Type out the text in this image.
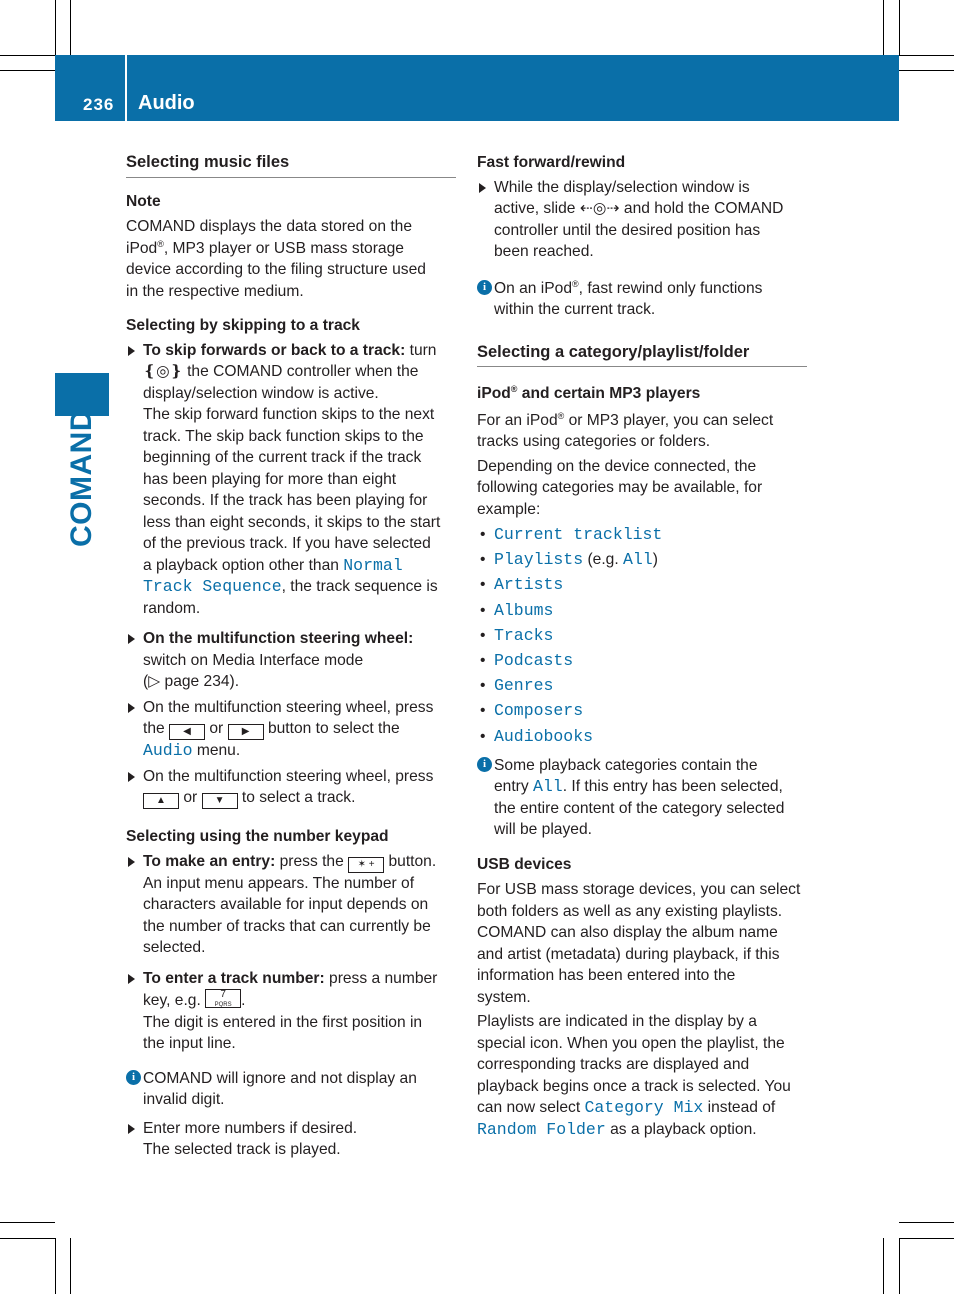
236 Audio
COMAND

Selecting music files

Note

COMAND displays the data stored on the

iPod®, MP3 player or USB mass storage

device according to the filing structure used

in the respective medium.

Selecting by skipping to a track

To skip forwards or back to a track: turn

❴◎❵ the COMAND controller when the

display/selection window is active.

The skip forward function skips to the next

track. The skip back function skips to the

beginning of the current track if the track

has been playing for more than eight

seconds. If the track has been playing for

less than eight seconds, it skips to the start

of the previous track. If you have selected

a playback option other than Normal

Track Sequence, the track sequence is

random.

On the multifunction steering wheel:

switch on Media Interface mode

(▷ page 234).

On the multifunction steering wheel, press

the ◀ or ▶ button to select the

Audio menu.

On the multifunction steering wheel, press

▲ or ▼ to select a track.

Selecting using the number keypad

To make an entry: press the ✶ + button.

An input menu appears. The number of

characters available for input depends on

the number of tracks that can currently be

selected.

To enter a track number: press a number

key, e.g. 7
PQRS .

The digit is entered in the first position in

the input line.

i COMAND will ignore and not display an

invalid digit.

Enter more numbers if desired.

The selected track is played.

Fast forward/rewind

While the display/selection window is

active, slide ⇠◎⇢ and hold the COMAND

controller until the desired position has

been reached.

i On an iPod®, fast rewind only functions

within the current track.

Selecting a category/playlist/folder

iPod® and certain MP3 players

For an iPod® or MP3 player, you can select

tracks using categories or folders.

Depending on the device connected, the

following categories may be available, for

example:

• Current tracklist
• Playlists (e.g. All)
• Artists
• Albums
• Tracks
• Podcasts
• Genres
• Composers
• Audiobooks
i Some playback categories contain the

entry All. If this entry has been selected,

the entire content of the category selected

will be played.

USB devices

For USB mass storage devices, you can select

both folders as well as any existing playlists.

COMAND can also display the album name

and artist (metadata) during playback, if this

information has been entered into the

system.

Playlists are indicated in the display by a

special icon. When you open the playlist, the

corresponding tracks are displayed and

playback begins once a track is selected. You

can now select Category Mix instead of

Random Folder as a playback option.
